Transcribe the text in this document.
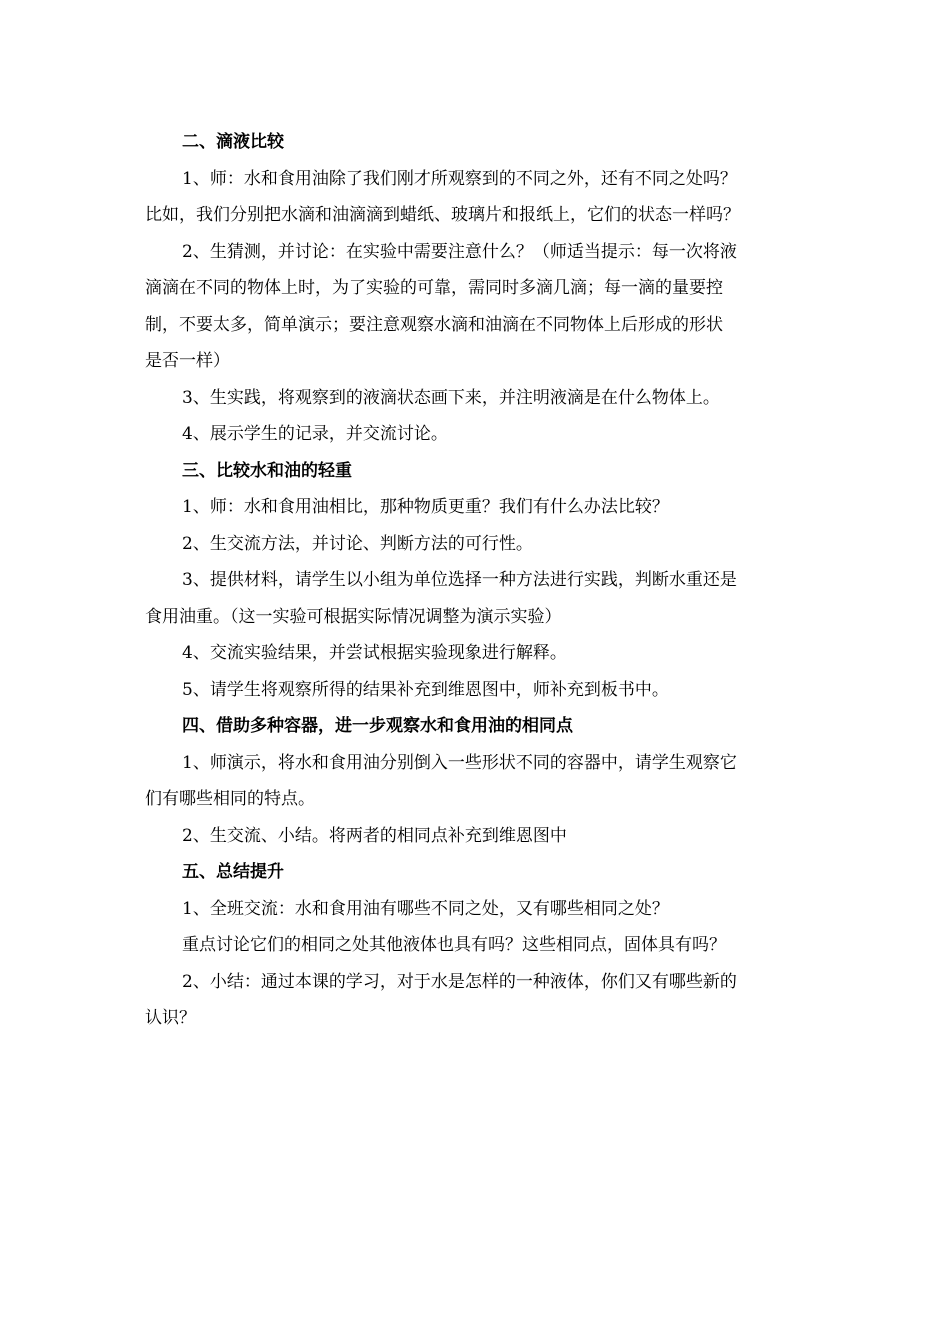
二、滴液比较
1、师：水和食用油除了我们刚才所观察到的不同之外，还有不同之处吗？
比如，我们分别把水滴和油滴滴到蜡纸、玻璃片和报纸上，它们的状态一样吗？
2、生猜测，并讨论：在实验中需要注意什么？（师适当提示：每一次将液
滴滴在不同的物体上时，为了实验的可靠，需同时多滴几滴；每一滴的量要控
制，不要太多，简单演示；要注意观察水滴和油滴在不同物体上后形成的形状
是否一样）
3、生实践，将观察到的液滴状态画下来，并注明液滴是在什么物体上。
4、展示学生的记录，并交流讨论。
三、比较水和油的轻重
1、师：水和食用油相比，那种物质更重？我们有什么办法比较？
2、生交流方法，并讨论、判断方法的可行性。
3、提供材料，请学生以小组为单位选择一种方法进行实践，判断水重还是
食用油重。（这一实验可根据实际情况调整为演示实验）
4、交流实验结果，并尝试根据实验现象进行解释。
5、请学生将观察所得的结果补充到维恩图中，师补充到板书中。
四、借助多种容器，进一步观察水和食用油的相同点
1、师演示，将水和食用油分别倒入一些形状不同的容器中，请学生观察它
们有哪些相同的特点。
2、生交流、小结。将两者的相同点补充到维恩图中
五、总结提升
1、全班交流：水和食用油有哪些不同之处，又有哪些相同之处？
重点讨论它们的相同之处其他液体也具有吗？这些相同点，固体具有吗？
2、小结：通过本课的学习，对于水是怎样的一种液体，你们又有哪些新的
认识？
